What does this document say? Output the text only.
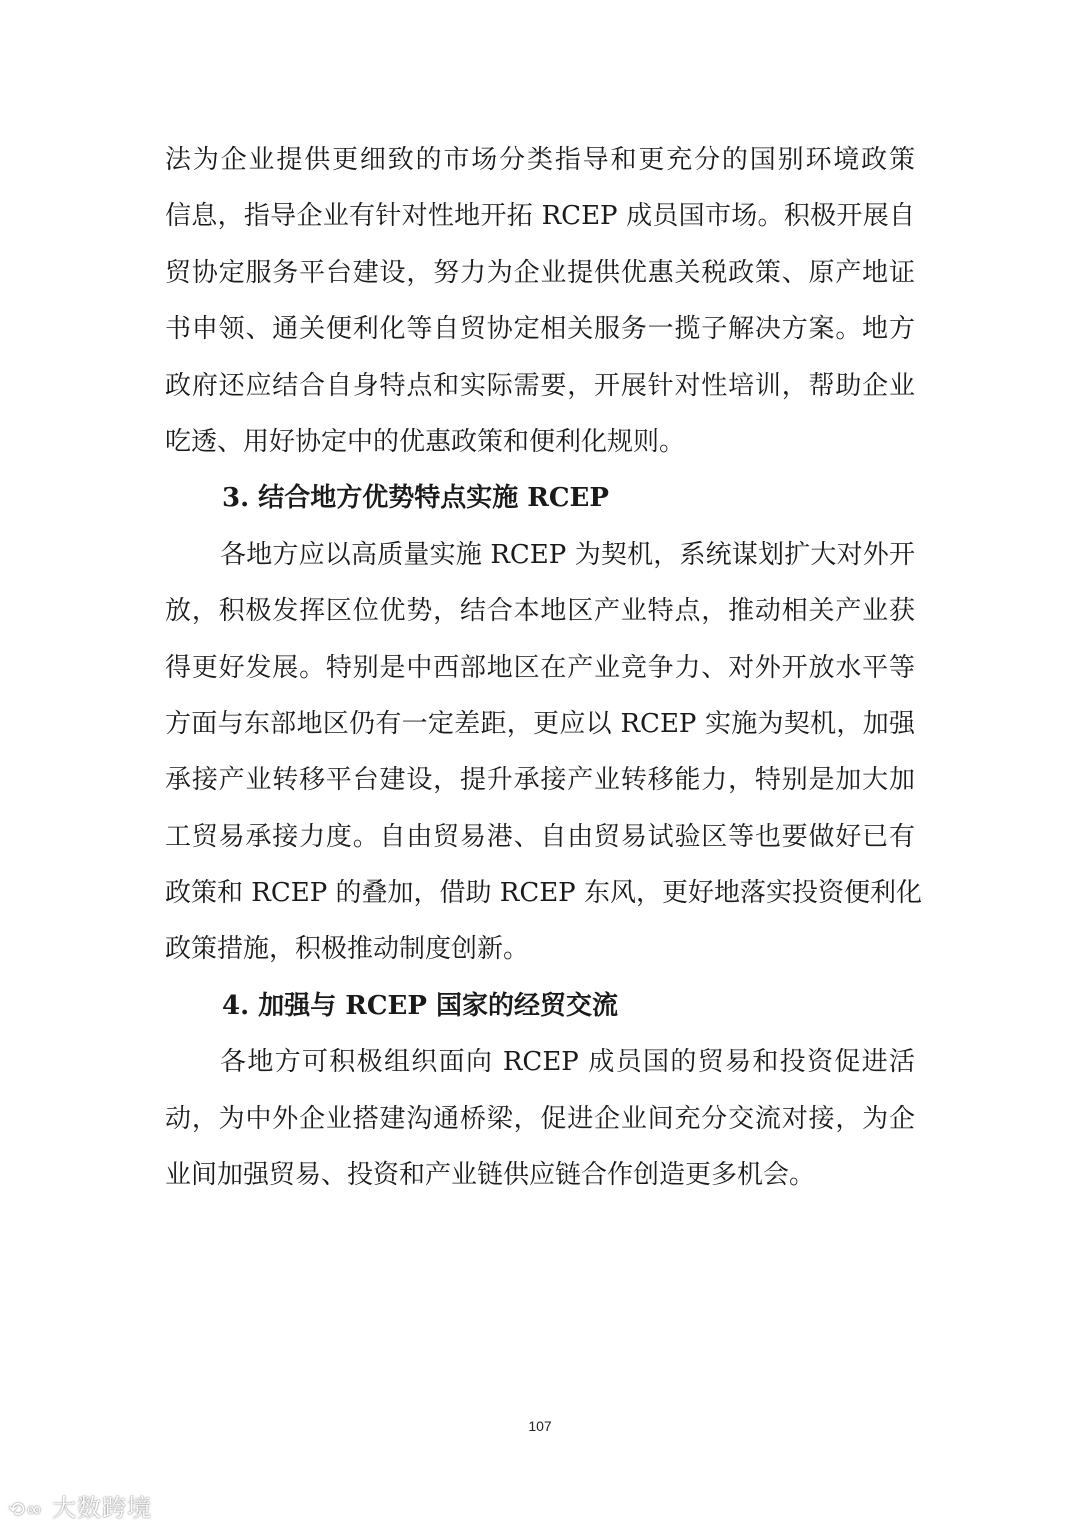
法为企业提供更细致的市场分类指导和更充分的国别环境政策
信息，指导企业有针对性地开拓 RCEP 成员国市场。积极开展自
贸协定服务平台建设，努力为企业提供优惠关税政策、原产地证
书申领、通关便利化等自贸协定相关服务一揽子解决方案。地方
政府还应结合自身特点和实际需要，开展针对性培训，帮助企业
吃透、用好协定中的优惠政策和便利化规则。
3. 结合地方优势特点实施 RCEP
各地方应以高质量实施 RCEP 为契机，系统谋划扩大对外开
放，积极发挥区位优势，结合本地区产业特点，推动相关产业获
得更好发展。特别是中西部地区在产业竞争力、对外开放水平等
方面与东部地区仍有一定差距，更应以 RCEP 实施为契机，加强
承接产业转移平台建设，提升承接产业转移能力，特别是加大加
工贸易承接力度。自由贸易港、自由贸易试验区等也要做好已有
政策和 RCEP 的叠加，借助 RCEP 东风，更好地落实投资便利化
政策措施，积极推动制度创新。
4. 加强与 RCEP 国家的经贸交流
各地方可积极组织面向 RCEP 成员国的贸易和投资促进活
动，为中外企业搭建沟通桥梁，促进企业间充分交流对接，为企
业间加强贸易、投资和产业链供应链合作创造更多机会。
107
⟲∞ 大数跨境
